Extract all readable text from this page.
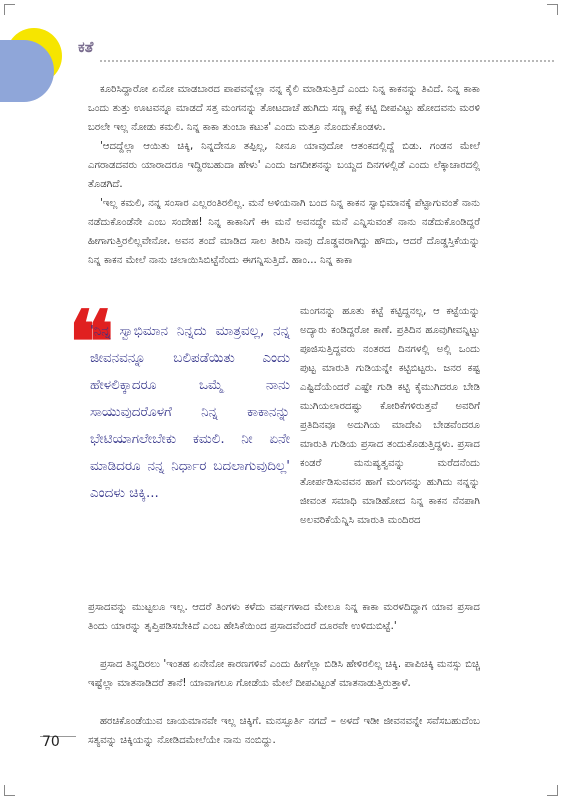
ಕತೆ

ಕೂರಿಸಿದ್ದಾರೋ ಏನೋ ಮಾಡಬಾರದ ಪಾಪವನ್ನೆಲ್ಲಾ ನನ್ನ ಕೈಲಿ ಮಾಡಿಸುತ್ತಿದೆ ಎಂದು ನಿನ್ನ ಕಾಕನನ್ನು ತಿವಿದೆ. ನಿನ್ನ ಕಾಕಾ ಒಂದು ತುತ್ತು ಊಟವನ್ನೂ ಮಾಡದೆ ಸತ್ತ ಮಂಗನನ್ನು ತೋಟದಾಚೆ ಹುಗಿದು ಸಣ್ಣ ಕಟ್ಟೆ ಕಟ್ಟಿ ದೀಪವಿಟ್ಟು ಹೋದವನು ಮರಳಿ ಬರಲೇ ಇಲ್ಲ ನೋಡು ಕಮಲಿ. ನಿನ್ನ ಕಾಕಾ ತುಂಬಾ ಕಟುಕ' ಎಂದು ಮತ್ತೂ ನೊಂದುಕೊಂಡಳು.

'ಆದದ್ದೆಲ್ಲಾ ಆಯಿತು ಚಿಕ್ಕಿ, ನಿನ್ನದೇನೂ ತಪ್ಪಿಲ್ಲ, ನೀನೂ ಯಾವುದೋ ಆತಂಕದಲ್ಲಿದ್ದೆ ಬಿಡು. ಗಂಡನ ಮೇಲೆ ಎಗರಾಡದವರು ಯಾರಾದರೂ ಇದ್ದಿರಬಹುದಾ ಹೇಳು' ಎಂದು ಜಗದೀಶನನ್ನು ಬಯ್ದದ ದಿನಗಳಲ್ಲಿಡೆ ಎಂದು ಲೆಕ್ಕಾಚಾರದಲ್ಲಿ ತೊಡಗಿದೆ.

'ಇಲ್ಲ ಕಮಲಿ, ನನ್ನ ಸಂಸಾರ ಎಲ್ಲರಂತಿರಲಿಲ್ಲ. ಮನೆ ಅಳಿಯನಾಗಿ ಬಂದ ನಿನ್ನ ಕಾಕನ ಸ್ವಾಭಿಮಾನಕ್ಕೆ ಪೆಟ್ಟಾಗುವಂತೆ ನಾನು ನಡೆದುಕೊಂಡೆನೇ ಎಂಬ ಸಂದೇಹ! ನಿನ್ನ ಕಾಕಾನಿಗೆ ಈ ಮನೆ ಅವನದ್ದೇ ಮನೆ ಎನ್ನಿಸುವಂತೆ ನಾನು ನಡೆದುಕೊಂಡಿದ್ದರೆ ಹೀಗಾಗುತ್ತಿರಲಿಲ್ಲವೇನೋ. ಅವನ ತಂದೆ ಮಾಡಿದ ಸಾಲ ತೀರಿಸಿ ನಾವು ದೊಡ್ಡವರಾಗಿದ್ದು ಹೌದು, ಆದರೆ ದೊಡ್ಡಸ್ತಿಕೆಯನ್ನು ನಿನ್ನ ಕಾಕನ ಮೇಲೆ ನಾನು ಚಲಾಯಿಸಿಬಿಟ್ಟೆನೆಂದು ಈಗನ್ನಿಸುತ್ತಿದೆ. ಹಾಂ... ನಿನ್ನ ಕಾಕಾ

❝

'ನಿನ್ನ ಸ್ವಾಭಿಮಾನ ನಿನ್ನದು ಮಾತ್ರವಲ್ಲ, ನನ್ನ ಜೀವನವನ್ನೂ ಬಲಿಪಡೆಯಿತು ಎಂದು ಹೇಳಲಿಕ್ಕಾದರೂ ಒಮ್ಮೆ ನಾನು ಸಾಯುವುದರೊಳಗೆ ನಿನ್ನ ಕಾಕಾನನ್ನು ಭೇಟಿಯಾಗಲೇಬೇಕು ಕಮಲಿ. ನೀ ಏನೇ ಮಾಡಿದರೂ ನನ್ನ ನಿರ್ಧಾರ ಬದಲಾಗುವುದಿಲ್ಲ' ಎಂದಳು ಚಿಕ್ಕಿ...

ಮಂಗನನ್ನು ಹೂತು ಕಟ್ಟೆ ಕಟ್ಟಿದ್ದನಲ್ಲ, ಆ ಕಟ್ಟೆಯನ್ನು ಅದ್ಯಾರು ಕಂಡಿದ್ದರೋ ಕಾಣೆ. ಪ್ರತಿದಿನ ಹೂವುಗೀವನ್ನಿಟ್ಟು ಪೂಜಿಸುತ್ತಿದ್ದವರು ನಂತರದ ದಿನಗಳಲ್ಲಿ ಅಲ್ಲಿ ಒಂದು ಪುಟ್ಟ ಮಾರುತಿ ಗುಡಿಯನ್ನೇ ಕಟ್ಟಿಬಿಟ್ಟರು. ಜನರ ಕಷ್ಟ ಎಷ್ಟಿದೆಯೆಂದರೆ ಎಷ್ಟೇ ಗುಡಿ ಕಟ್ಟಿ ಕೈಮುಗಿದರೂ ಬೇಡಿ ಮುಗಿಯಲಾರದಷ್ಟು ಕೋರಿಕೆಗಳಿರುತ್ತವೆ ಅವರಿಗೆ ಪ್ರತಿದಿನವೂ ಅದುಗಿಯ ಮಾದೇವಿ ಬೇಡವೆಂದರೂ ಮಾರುತಿ ಗುಡಿಯ ಪ್ರಸಾದ ತಂದುಕೊಡುತ್ತಿದ್ದಳು. ಪ್ರಸಾದ ಕಂಡರೆ ಮನುಷ್ಯತ್ವವನ್ನು ಮರೆದನೆಂದು ತೋರ್ಪಡಿಸುವವನ ಹಾಗೆ ಮಂಗನನ್ನು ಹುಗಿದು ನನ್ನನ್ನು ಜೀವಂತ ಸಮಾಧಿ ಮಾಡಿಹೋದ ನಿನ್ನ ಕಾಕನ ನೆನಪಾಗಿ ಅಲವರಿಕೆಯೆನ್ನಿಸಿ ಮಾರುತಿ ಮಂದಿರದ

ಪ್ರಸಾದವನ್ನು ಮುಟ್ಟಲೂ ಇಲ್ಲ. ಆದರೆ ತಿಂಗಳು ಕಳೆದು ವರ್ಷಗಳಾದ ಮೇಲೂ ನಿನ್ನ ಕಾಕಾ ಮರಳದಿದ್ದಾಗ ಯಾವ ಪ್ರಸಾದ ತಿಂದು ಯಾರನ್ನು ತೃಪ್ತಿಪಡಿಸಬೇಕಿದೆ ಎಂಬ ಹೇಸಿಕೆಯಿಂದ ಪ್ರಸಾದವೆಂದರೆ ದೂರವೇ ಉಳಿದುಬಿಟ್ಟೆ.'

ಪ್ರಸಾದ ತಿನ್ನದಿರಲು 'ಇಂತಹ ಏನೇನೋ ಕಾರಣಗಳಿವೆ ಎಂದು ಹೀಗೆಲ್ಲಾ ಬಿಡಿಸಿ ಹೇಳಿರಲಿಲ್ಲ ಚಿಕ್ಕಿ. ಪಾಪಿಚಿಕ್ಕಿ ಮನಸ್ಸು ಬಿಚ್ಚಿ ಇಷ್ಟೆಲ್ಲಾ ಮಾತನಾಡಿದರೆ ತಾನೆ! ಯಾವಾಗಲೂ ಗೋಡೆಯ ಮೇಲೆ ದೀಪವಿಟ್ಟಂತೆ ಮಾತನಾಡುತ್ತಿರುತ್ತಾಳೆ.

ಹರಚಿಕೊಂಡೆಯುವ ಚಾಯಮಾನವೇ ಇಲ್ಲ ಚಿಕ್ಕಿಗೆ. ಮನಸ್ಪೂರ್ತಿ ನಗದೆ – ಅಳದೆ ಇಡೀ ಜೀವನವನ್ನೇ ಸವೆಸಬಹುದೆಂಬ ಸತ್ಯವನ್ನು ಚಿಕ್ಕಿಯನ್ನು ನೋಡಿದಮೇಲೆಯೇ ನಾನು ನಂಬಿದ್ದು.

70
